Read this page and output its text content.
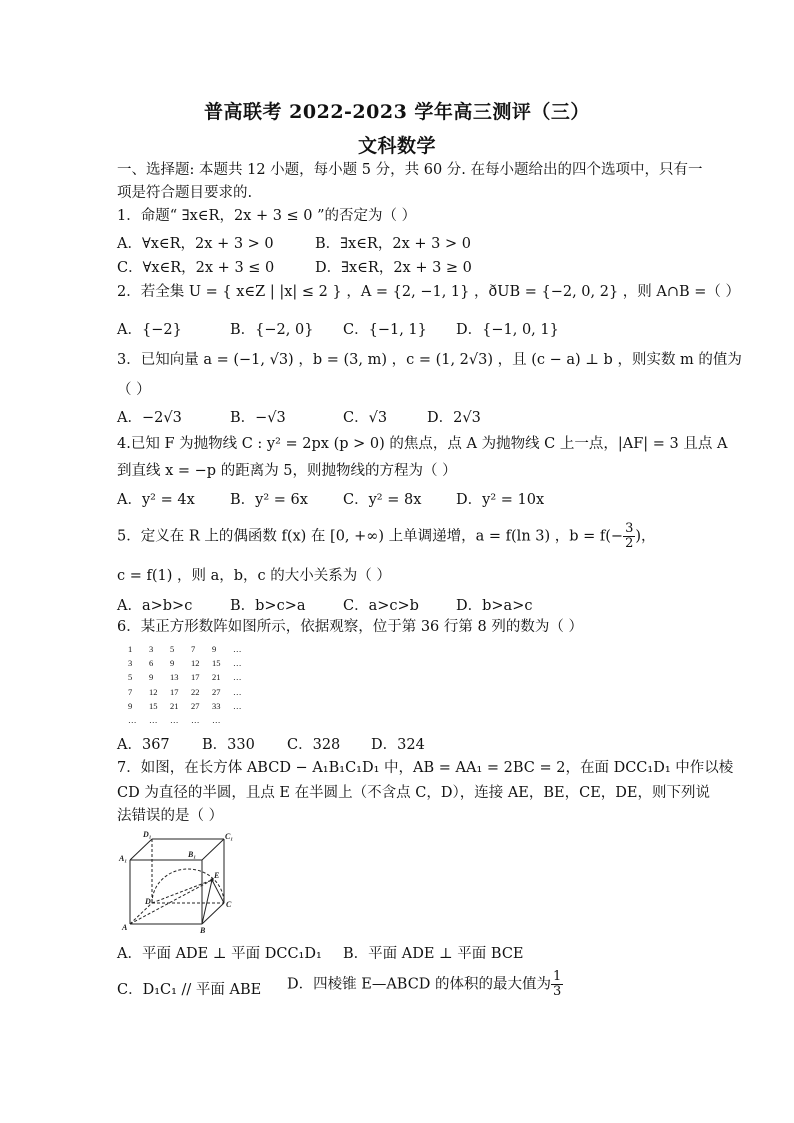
普高联考 2022-2023 学年高三测评（三）
文科数学
一、选择题: 本题共 12 小题，每小题 5 分，共 60 分. 在每小题给出的四个选项中，只有一
项是符合题目要求的.
1．命题“ ∃x∈R，2x + 3 ≤ 0 ”的否定为（ ）
A．∀x∈R，2x + 3 > 0	B．∃x∈R，2x + 3 > 0
C．∀x∈R，2x + 3 ≤ 0	D．∃x∈R，2x + 3 ≥ 0
2．若全集 U = { x∈Z | |x| ≤ 2 } ，A = {2, −1, 1} ，ðUB = {−2, 0, 2} ，则 A∩B =（ ）
A．{−2}	B．{−2, 0} C．{−1, 1} D．{−1, 0, 1}
3．已知向量 a = (−1, √3) ，b = (3, m) ，c = (1, 2√3) ，且 (c − a) ⊥ b ，则实数 m 的值为
（ ）
A．−2√3	B．−√3	C．√3	D．2√3
4.已知 F 为抛物线 C : y² = 2px (p > 0) 的焦点，点 A 为抛物线 C 上一点，|AF| = 3 且点 A
到直线 x = −p 的距离为 5，则抛物线的方程为（ ）
A．y² = 4x B．y² = 6x C．y² = 8x D．y² = 10x
5．定义在 R 上的偶函数 f(x) 在 [0, +∞) 上单调递增，a = f(ln 3) ，$b = f(- \frac{3}{2}$ )，
c = f(1) ，则 a，b，c 的大小关系为（ ）
A．a>b>c	B．b>c>a	C．a>c>b	D．b>a>c
6．某正方形数阵如图所示，依据观察，位于第 36 行第 8 列的数为（ ）
1	3	5	7	9	…
3	6	9	12	15	…
5	9	13	17	21	…
7	12	17	22	27	…
9	15	21	27	33	…
…	…	…	…	…	
A．367 B．330 C．328 D．324
7．如图，在长方体 ABCD − A₁B₁C₁D₁ 中，AB = AA₁ = 2BC = 2，在面 DCC₁D₁ 中作以棱
CD 为直径的半圆，且点 E 在半圆上（不含点 C，D），连接 AE，BE，CE，DE，则下列说
法错误的是（ ）
D₁	C₁
A₁	B₁
E
D	C
A	B
A．平面 ADE ⊥ 平面 DCC₁D₁ B．平面 ADE ⊥ 平面 BCE
C．D₁C₁ // 平面 ABE D．四棱锥 E—ABCD 的体积的最大值为 $\frac{1}{3}$
